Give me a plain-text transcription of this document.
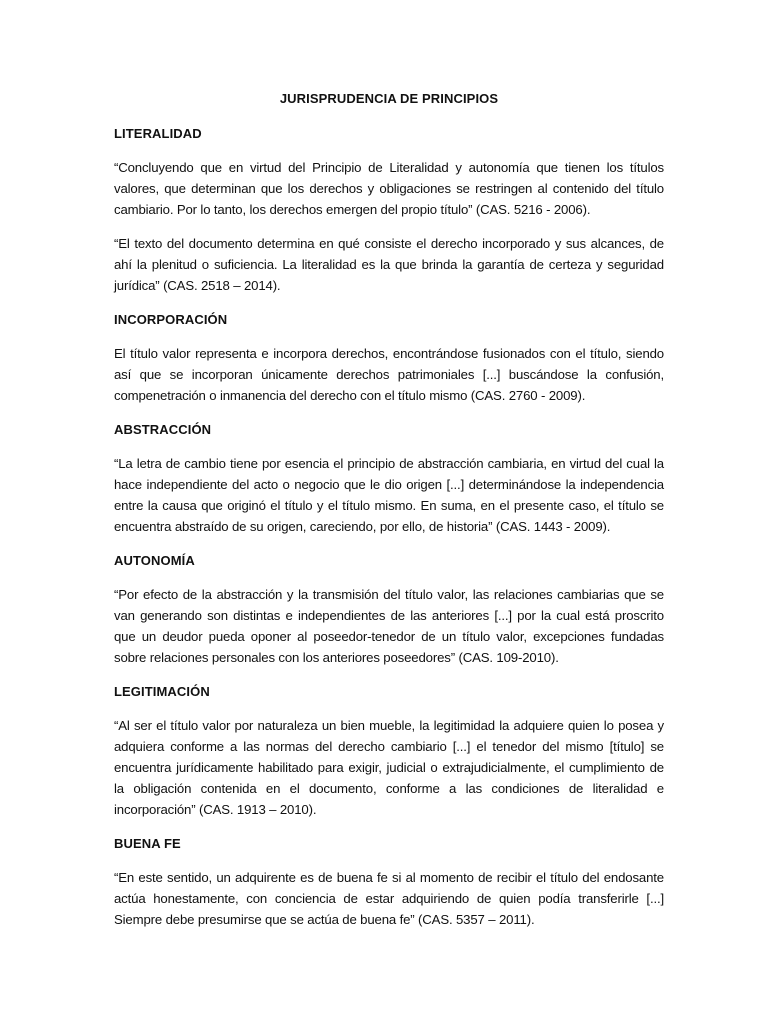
JURISPRUDENCIA DE PRINCIPIOS
LITERALIDAD

“Concluyendo que en virtud del Principio de Literalidad y autonomía que tienen los títulos valores, que determinan que los derechos y obligaciones se restringen al contenido del título cambiario. Por lo tanto, los derechos emergen del propio título” (CAS. 5216 - 2006).

“El texto del documento determina en qué consiste el derecho incorporado y sus alcances, de ahí la plenitud o suficiencia. La literalidad es la que brinda la garantía de certeza y seguridad jurídica” (CAS. 2518 – 2014).

INCORPORACIÓN

El título valor representa e incorpora derechos, encontrándose fusionados con el título, siendo así que se incorporan únicamente derechos patrimoniales [...] buscándose la confusión, compenetración o inmanencia del derecho con el título mismo (CAS. 2760 - 2009).

ABSTRACCIÓN

“La letra de cambio tiene por esencia el principio de abstracción cambiaria, en virtud del cual la hace independiente del acto o negocio que le dio origen [...] determinándose la independencia entre la causa que originó el título y el título mismo. En suma, en el presente caso, el título se encuentra abstraído de su origen, careciendo, por ello, de historia” (CAS. 1443 - 2009).

AUTONOMÍA

“Por efecto de la abstracción y la transmisión del título valor, las relaciones cambiarias que se van generando son distintas e independientes de las anteriores [...] por la cual está proscrito que un deudor pueda oponer al poseedor-tenedor de un título valor, excepciones fundadas sobre relaciones personales con los anteriores poseedores” (CAS. 109-2010).

LEGITIMACIÓN

“Al ser el título valor por naturaleza un bien mueble, la legitimidad la adquiere quien lo posea y adquiera conforme a las normas del derecho cambiario [...] el tenedor del mismo [título] se encuentra jurídicamente habilitado para exigir, judicial o extrajudicialmente, el cumplimiento de la obligación contenida en el documento, conforme a las condiciones de literalidad e incorporación” (CAS. 1913 – 2010).

BUENA FE

“En este sentido, un adquirente es de buena fe si al momento de recibir el título del endosante actúa honestamente, con conciencia de estar adquiriendo de quien podía transferirle [...] Siempre debe presumirse que se actúa de buena fe” (CAS. 5357 – 2011).
